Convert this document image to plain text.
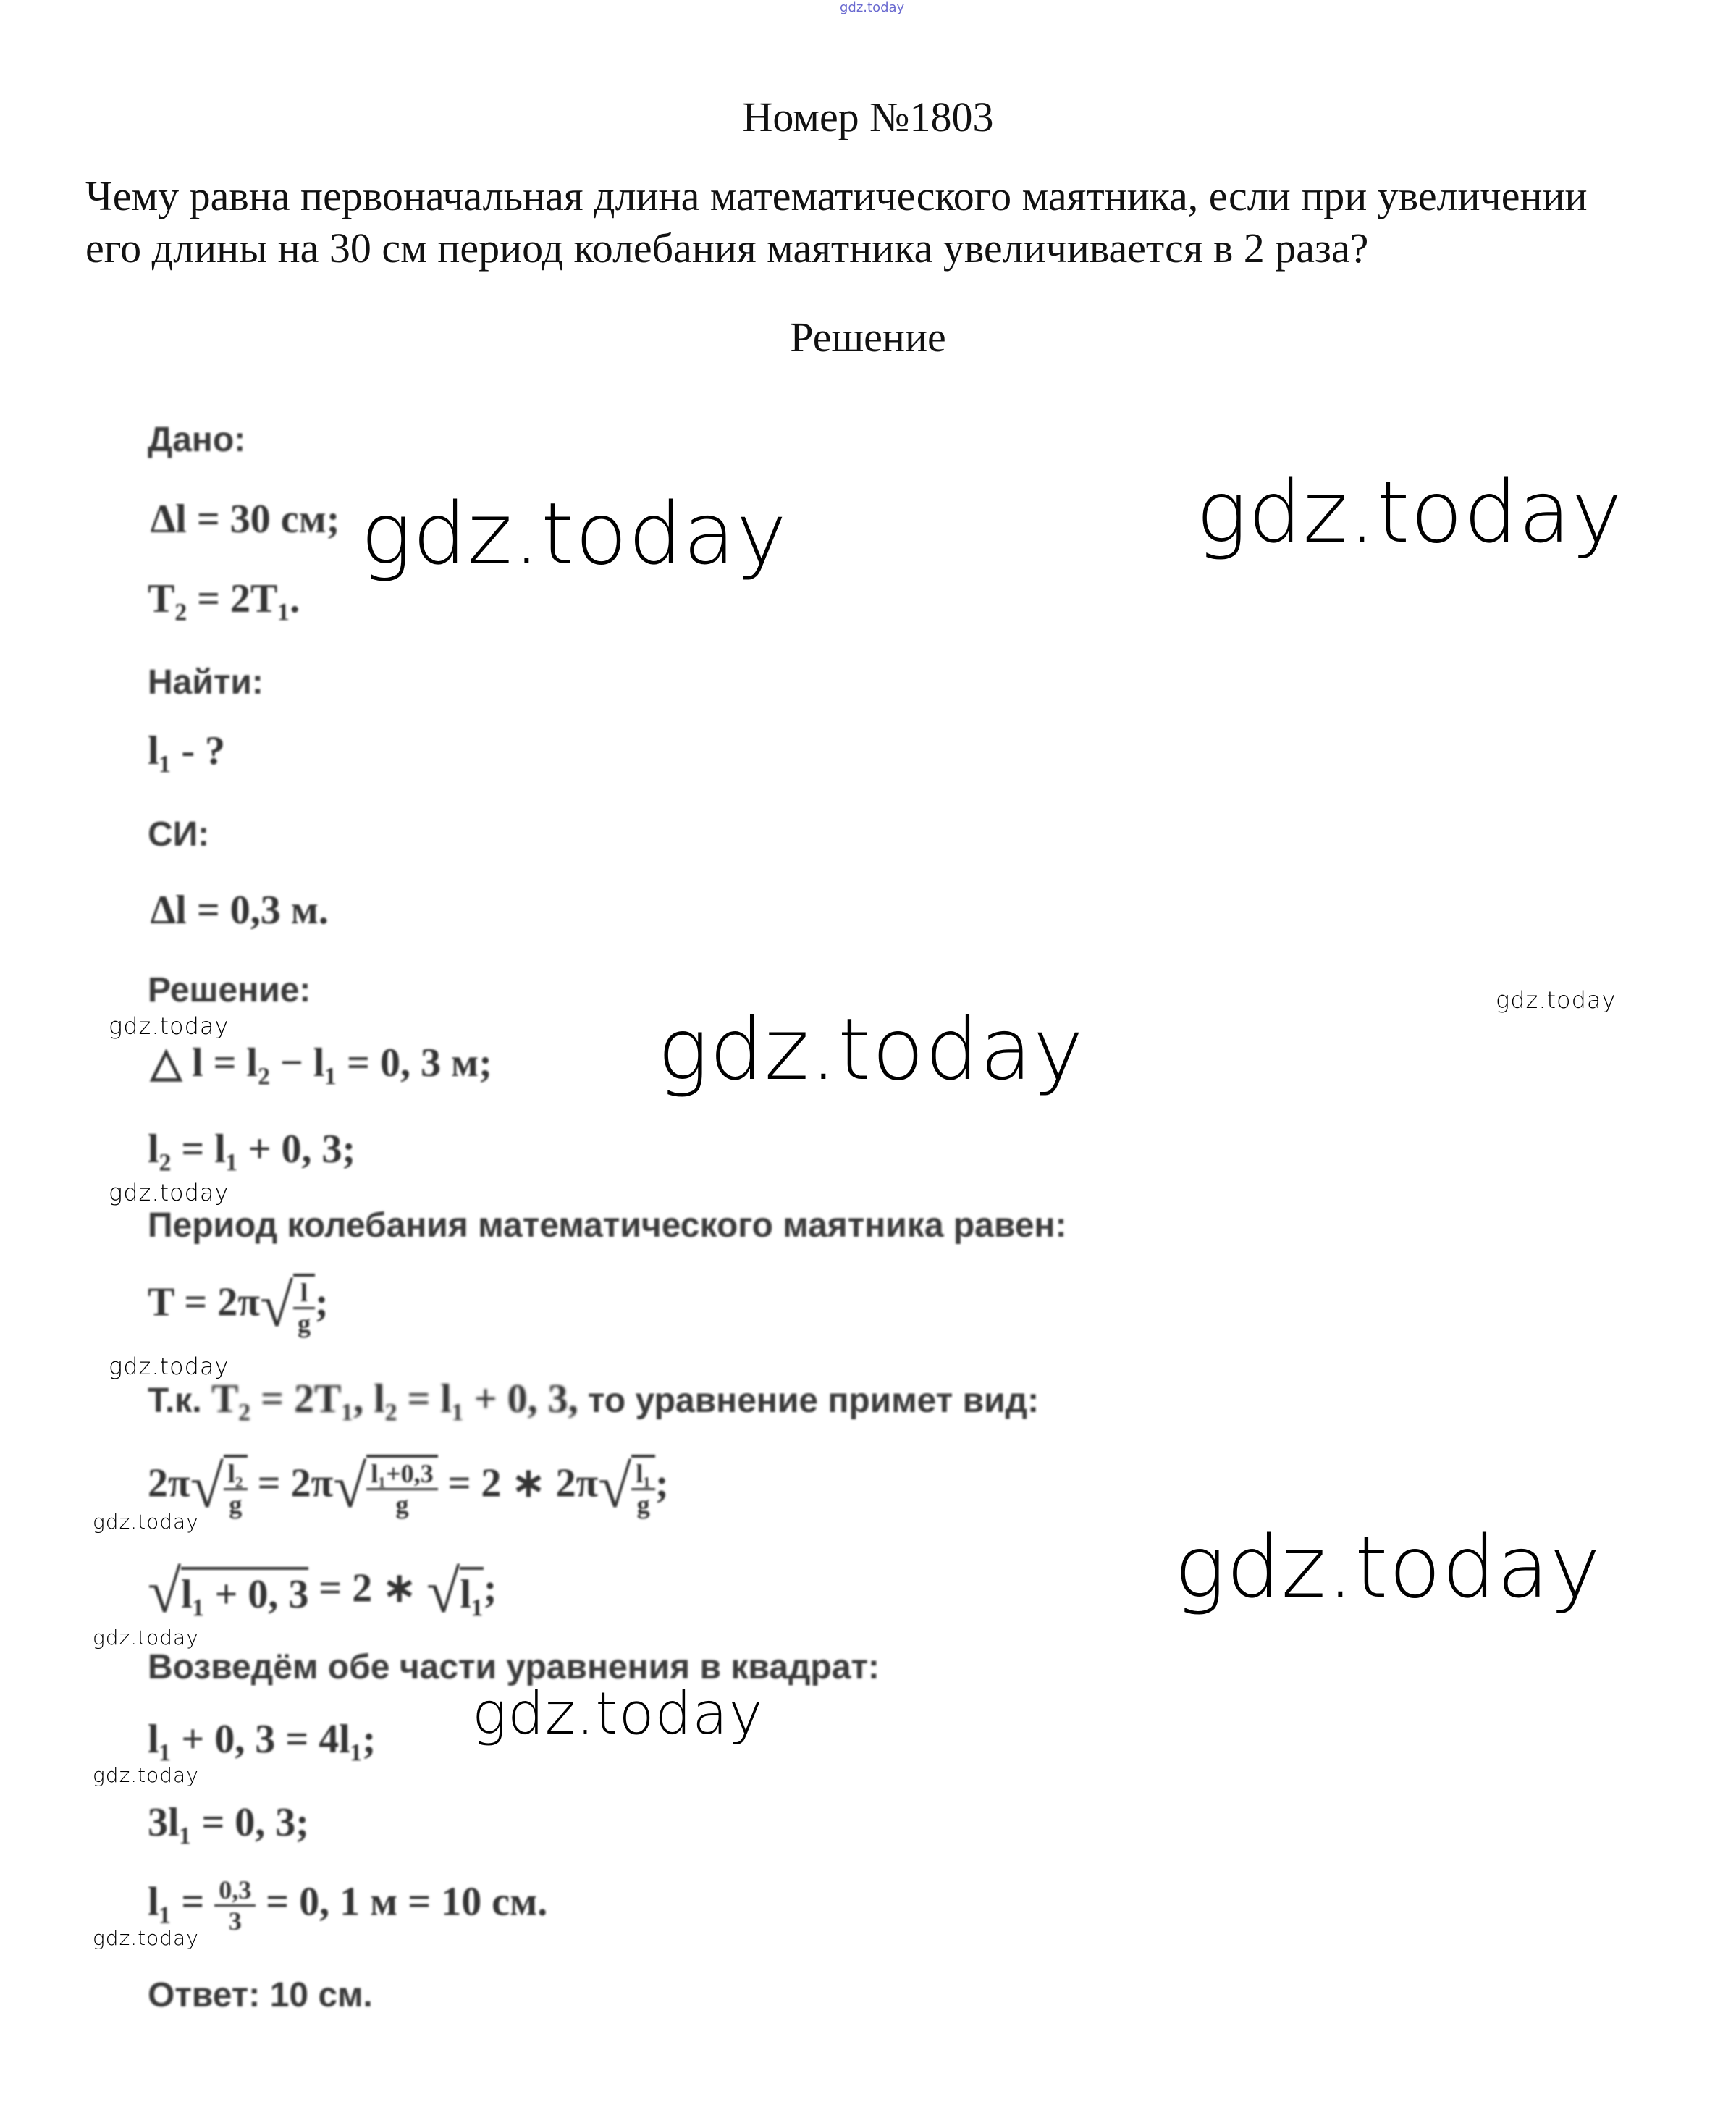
gdz.today
Номер №1803
Чему равна первоначальная длина математического маятника, если при увеличении
его длины на 30 см период колебания маятника увеличивается в 2 раза?
Решение
Дано:
∆l = 30 см;
T₂ = 2T₁.
Найти:
l₁ - ?
СИ:
∆l = 0,3 м.
Решение:
△ l = l₂ − l₁ = 0, 3 м;
l₂ = l₁ + 0, 3;
Период колебания математического маятника равен:
$T = 2\pi√ \frac{l}{g}$ ;
Т.к. T₂ = 2T₁, l₂ = l₁ + 0, 3, то уравнение примет вид:
$2\pi√ \frac{\text{l₂}}{g} = 2\pi√ \frac{\text{l₁+0,3}}{g} = 2$ ∗ $2\pi√ \frac{\text{l₁}}{g}$ ;
√l₁ + 0, 3 = 2 ∗ √l₁;
Возведём обе части уравнения в квадрат:
l₁ + 0, 3 = 4l₁;
3l₁ = 0, 3;
$l_1 = \frac{0,3}{3} = 0$, 1 м = 10 см.
Ответ: 10 см.
gdz.today	gdz.today
gdz.today
gdz.today
gdz.today
gdz.today
gdz.today
gdz.today
gdz.today
gdz.today
gdz.today
gdz.today
gdz.today
